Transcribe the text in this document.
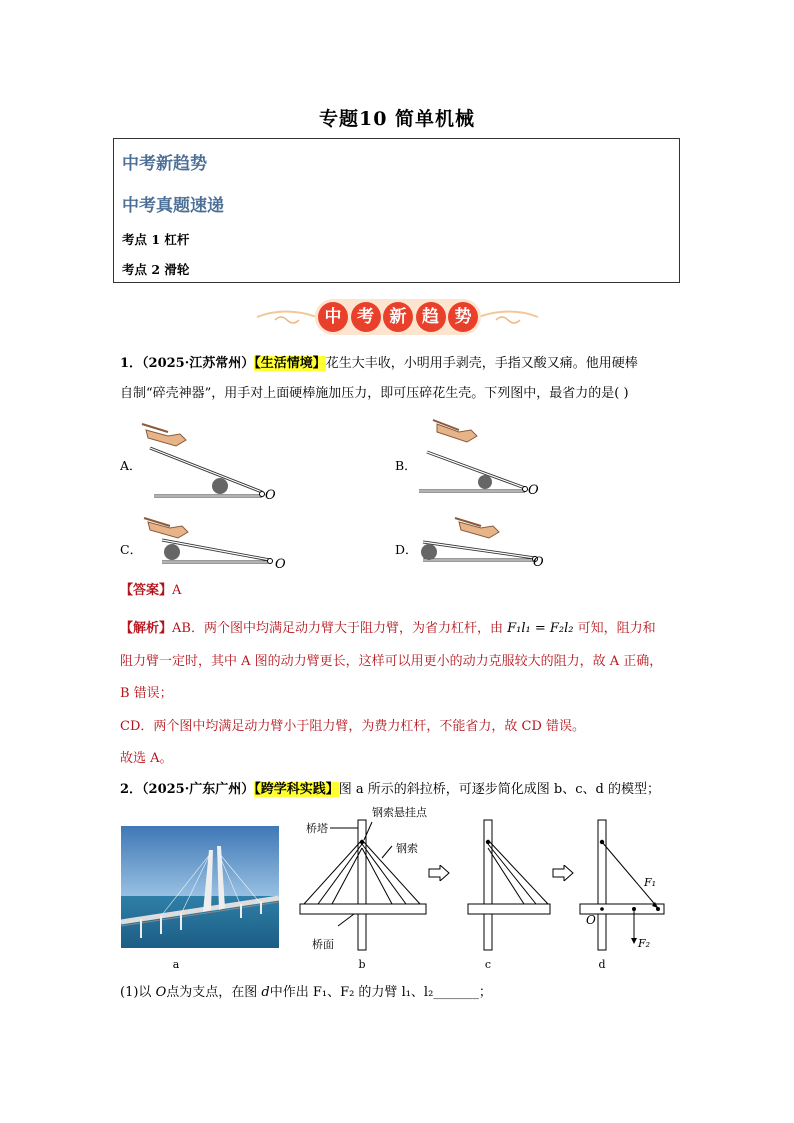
专题10 简单机械
中考新趋势
中考真题速递
考点 1 杠杆
考点 2 滑轮
中 考 新 趋 势
1．（2025·江苏常州）【生活情境】花生大丰收，小明用手剥壳，手指又酸又痛。他用硬棒
自制“碎壳神器”，用手对上面硬棒施加压力，即可压碎花生壳。下列图中，最省力的是( )
A．	B．
C．	D．
O	O
O	O
【答案】A
【解析】AB．两个图中均满足动力臂大于阻力臂，为省力杠杆，由 F₁l₁ = F₂l₂ 可知，阻力和
阻力臂一定时，其中 A 图的动力臂更长，这样可以用更小的动力克服较大的阻力，故 A 正确，
B 错误；
CD．两个图中均满足动力臂小于阻力臂，为费力杠杆，不能省力，故 CD 错误。
故选 A。
2．（2025·广东广州）【跨学科实践】图 a 所示的斜拉桥，可逐步简化成图 b、c、d 的模型；
桥塔
钢索悬挂点
钢索
桥面
O
F₁
F₂
a	b	c	d
(1)以 O点为支点，在图 d中作出 F₁、F₂ 的力臂 l₁、l₂_______；
